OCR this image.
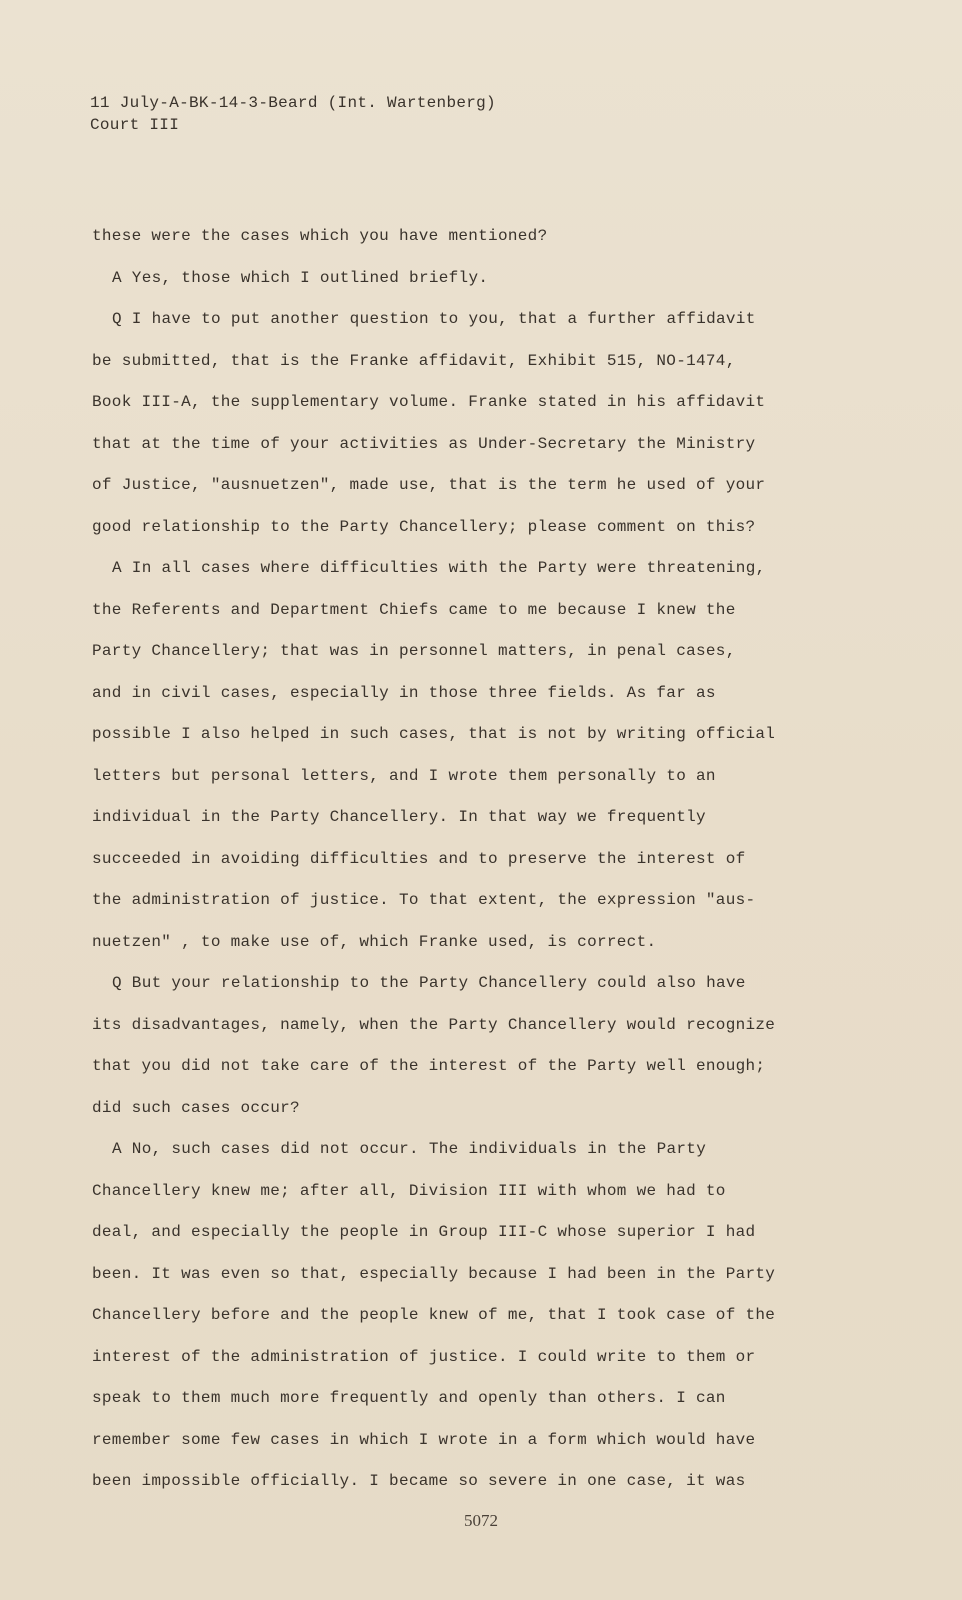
11 July-A-BK-14-3-Beard (Int. Wartenberg)
Court III
these were the cases which you have mentioned?
A Yes, those which I outlined briefly.
Q I have to put another question to you, that a further affidavit
be submitted, that is the Franke affidavit, Exhibit 515, NO-1474,
Book III-A, the supplementary volume. Franke stated in his affidavit
that at the time of your activities as Under-Secretary the Ministry
of Justice, "ausnuetzen", made use, that is the term he used of your
good relationship to the Party Chancellery; please comment on this?
A In all cases where difficulties with the Party were threatening,
the Referents and Department Chiefs came to me because I knew the
Party Chancellery; that was in personnel matters, in penal cases,
and in civil cases, especially in those three fields. As far as
possible I also helped in such cases, that is not by writing official
letters but personal letters, and I wrote them personally to an
individual in the Party Chancellery. In that way we frequently
succeeded in avoiding difficulties and to preserve the interest of
the administration of justice. To that extent, the expression "aus-
nuetzen" , to make use of, which Franke used, is correct.
Q But your relationship to the Party Chancellery could also have
its disadvantages, namely, when the Party Chancellery would recognize
that you did not take care of the interest of the Party well enough;
did such cases occur?
A No, such cases did not occur. The individuals in the Party
Chancellery knew me; after all, Division III with whom we had to
deal, and especially the people in Group III-C whose superior I had
been. It was even so that, especially because I had been in the Party
Chancellery before and the people knew of me, that I took case of the
interest of the administration of justice. I could write to them or
speak to them much more frequently and openly than others. I can
remember some few cases in which I wrote in a form which would have
been impossible officially. I became so severe in one case, it was
5072
